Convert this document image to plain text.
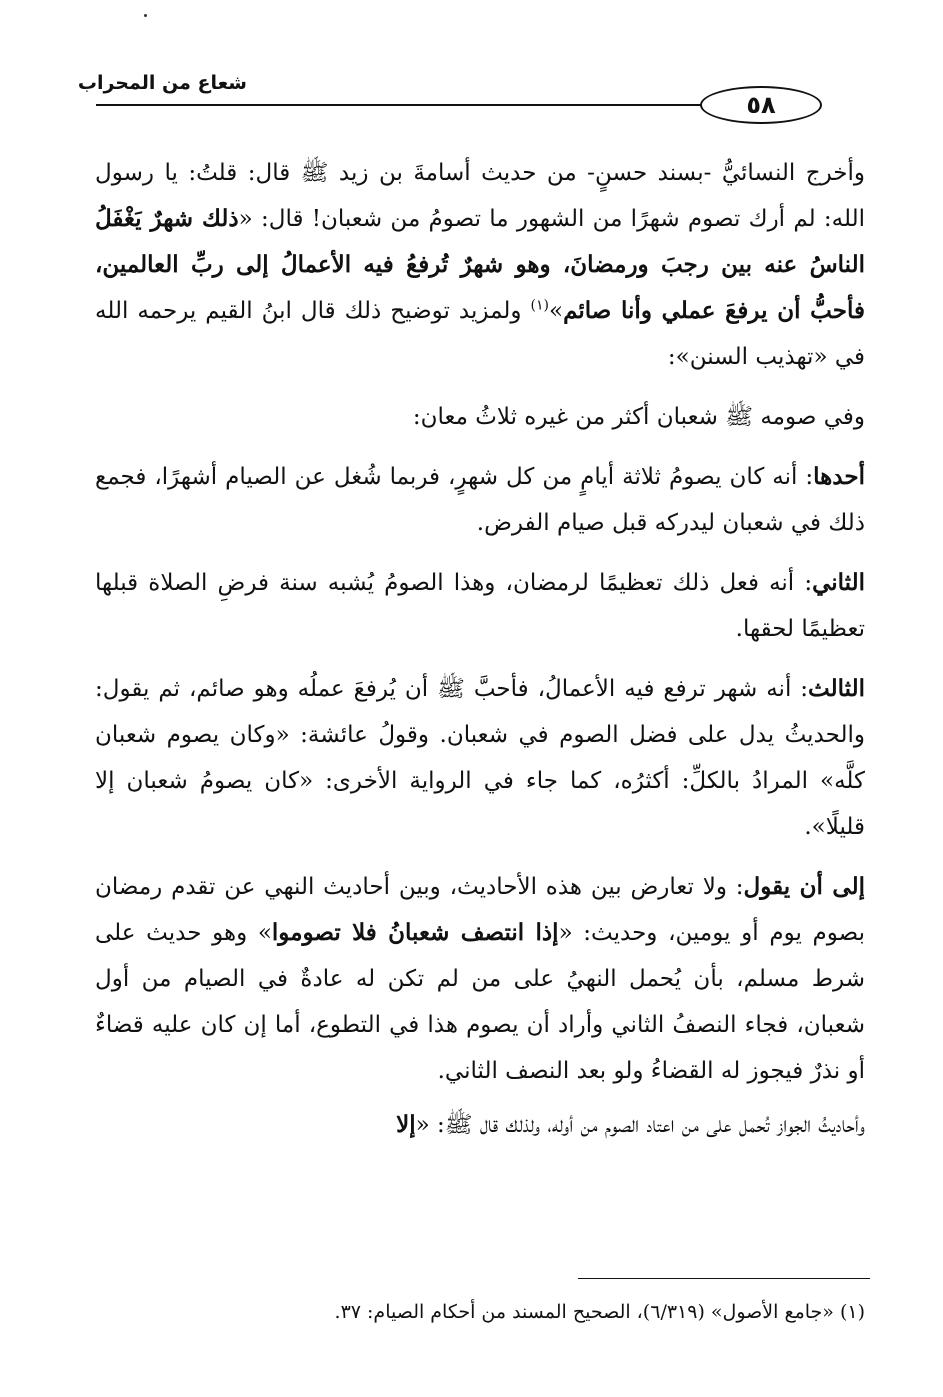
شعاع من المحراب
٥٨

وأخرج النسائيُّ -بسند حسنٍ- من حديث أسامةَ بن زيد ﷺ قال: قلتُ: يا رسول الله: لم أرك تصوم شهرًا من الشهور ما تصومُ من شعبان! قال: «ذلك شهرٌ يَغْفَلُ الناسُ عنه بين رجبَ ورمضانَ، وهو شهرٌ تُرفعُ فيه الأعمالُ إلى ربِّ العالمين، فأحبُّ أن يرفعَ عملي وأنا صائم»$^{(١)}$ ولمزيد توضيح ذلك قال ابنُ القيم يرحمه الله في «تهذيب السنن»:

وفي صومه ﷺ شعبان أكثر من غيره ثلاثُ معان:

أحدها: أنه كان يصومُ ثلاثة أيامٍ من كل شهرٍ، فربما شُغل عن الصيام أشهرًا، فجمع ذلك في شعبان ليدركه قبل صيام الفرض.

الثاني: أنه فعل ذلك تعظيمًا لرمضان، وهذا الصومُ يُشبه سنة فرضِ الصلاة قبلها تعظيمًا لحقها.

الثالث: أنه شهر ترفع فيه الأعمالُ، فأحبَّ ﷺ أن يُرفعَ عملُه وهو صائم، ثم يقول: والحديثُ يدل على فضل الصوم في شعبان. وقولُ عائشة: «وكان يصوم شعبان كلَّه» المرادُ بالكلِّ: أكثرُه، كما جاء في الرواية الأخرى: «كان يصومُ شعبان إلا قليلًا».

إلى أن يقول: ولا تعارض بين هذه الأحاديث، وبين أحاديث النهي عن تقدم رمضان بصوم يوم أو يومين، وحديث: «إذا انتصف شعبانُ فلا تصوموا» وهو حديث على شرط مسلم، بأن يُحمل النهيُ على من لم تكن له عادةٌ في الصيام من أول شعبان، فجاء النصفُ الثاني وأراد أن يصوم هذا في التطوع، أما إن كان عليه قضاءٌ أو نذرٌ فيجوز له القضاءُ ولو بعد النصف الثاني.

وأحاديثُ الجواز تُحمل على من اعتاد الصوم من أوله، ولذلك قال ﷺ: «إلا

(١) «جامع الأصول» (٦/٣١٩)، الصحيح المسند من أحكام الصيام: ٣٧.
